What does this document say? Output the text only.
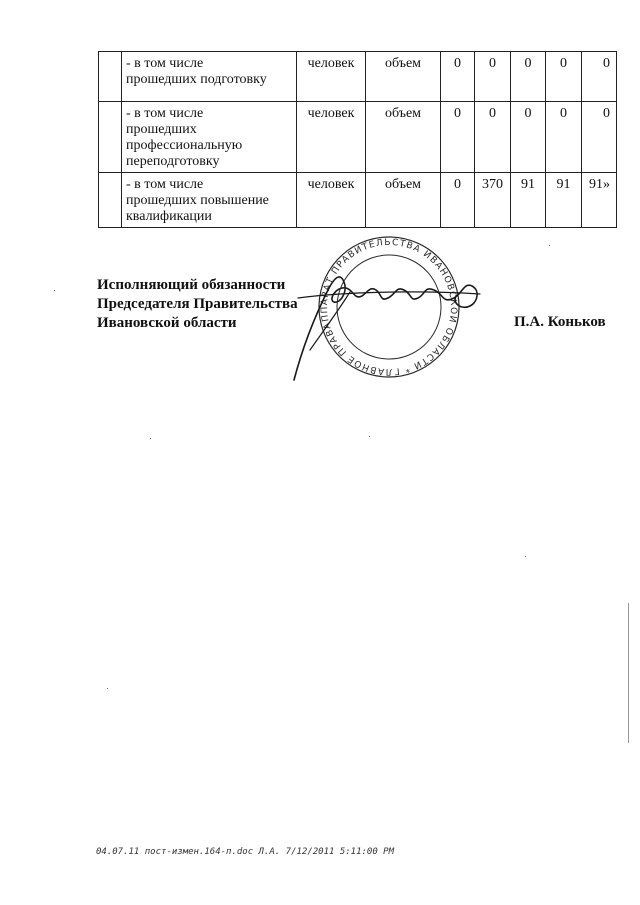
	- в том числе
прошедших подготовку	человек	объем	0	0	0	0	0

	- в том числе
прошедших
профессиональную
переподготовку	человек	объем	0	0	0	0	0

	- в том числе
прошедших повышение
квалификации	человек	объем	0	370	91	91	91»
АППАРАТ ПРАВИТЕЛЬСТВА ИВАНОВСКОЙ ОБЛАСТИ * ГЛАВНОЕ ПРАВОВОЕ
Исполняющий обязанности
Председателя Правительства
Ивановской области	П.А. Коньков
04.07.11 пост-измен.164-п.doc Л.А. 7/12/2011 5:11:00 PM
